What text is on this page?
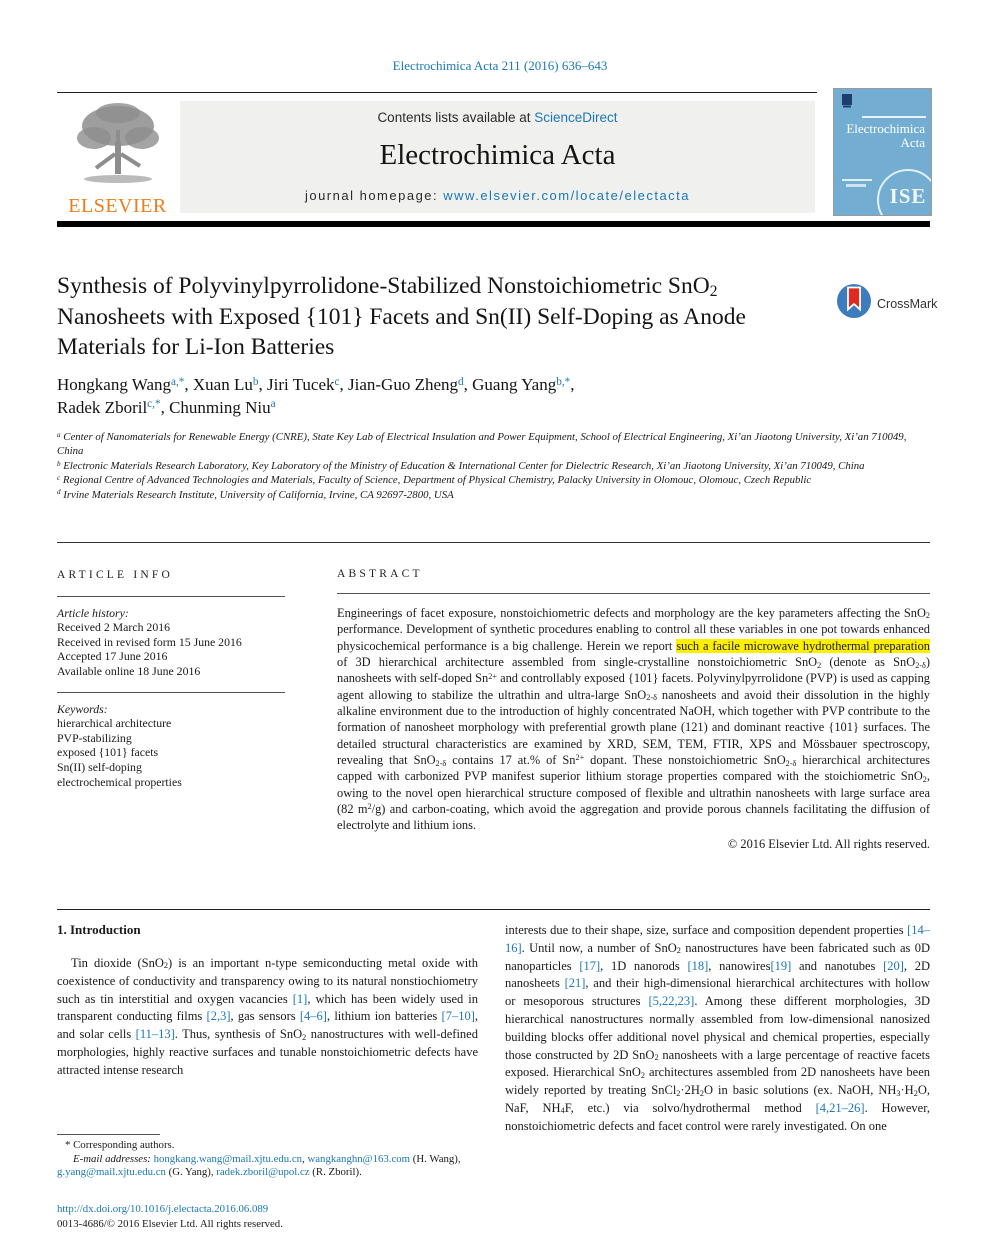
Electrochimica Acta 211 (2016) 636–643
ELSEVIER
Contents lists available at ScienceDirect
Electrochimica Acta
journal homepage: www.elsevier.com/locate/electacta
Electrochimica
Acta
ISE
Synthesis of Polyvinylpyrrolidone-Stabilized Nonstoichiometric SnO$_2$
Nanosheets with Exposed {101} Facets and Sn(II) Self-Doping as Anode
Materials for Li-Ion Batteries
CrossMark
Hongkang Wang$^{a,*}$, Xuan Lu$^b$, Jiri Tucek$^c$, Jian-Guo Zheng$^d$, Guang Yang$^{b,*}$,
Radek Zboril$^{c,*}$, Chunming Niu$^a$
$^a$ Center of Nanomaterials for Renewable Energy (CNRE), State Key Lab of Electrical Insulation and Power Equipment, School of Electrical Engineering, Xi’an Jiaotong University, Xi’an 710049, China
$^b$ Electronic Materials Research Laboratory, Key Laboratory of the Ministry of Education & International Center for Dielectric Research, Xi’an Jiaotong University, Xi’an 710049, China
$^c$ Regional Centre of Advanced Technologies and Materials, Faculty of Science, Department of Physical Chemistry, Palacky University in Olomouc, Olomouc, Czech Republic
$^d$ Irvine Materials Research Institute, University of California, Irvine, CA 92697-2800, USA
ARTICLE INFO
Article history:
Received 2 March 2016
Received in revised form 15 June 2016
Accepted 17 June 2016
Available online 18 June 2016
Keywords:
hierarchical architecture
PVP-stabilizing
exposed {101} facets
Sn(II) self-doping
electrochemical properties
ABSTRACT
Engineerings of facet exposure, nonstoichiometric defects and morphology are the key parameters affecting the SnO$_2$ performance. Development of synthetic procedures enabling to control all these variables in one pot towards enhanced physicochemical performance is a big challenge. Herein we report such a facile microwave hydrothermal preparation of 3D hierarchical architecture assembled from single-crystalline nonstoichiometric SnO$_2$ (denote as SnO$_{2-\delta}$) nanosheets with self-doped $Sn^{2+}$ and controllably exposed {101} facets. Polyvinylpyrrolidone (PVP) is used as capping agent allowing to stabilize the ultrathin and ultra-large SnO$_{2-\delta}$ nanosheets and avoid their dissolution in the highly alkaline environment due to the introduction of highly concentrated NaOH, which together with PVP contribute to the formation of nanosheet morphology with preferential growth plane (121) and dominant reactive {101} surfaces. The detailed structural characteristics are examined by XRD, SEM, TEM, FTIR, XPS and Mössbauer spectroscopy, revealing that SnO$_{2-\delta}$ contains 17 at.% of $Sn^{2+}$ dopant. These nonstoichiometric SnO$_{2-\delta}$ hierarchical architectures capped with carbonized PVP manifest superior lithium storage properties compared with the stoichiometric SnO$_2$, owing to the novel open hierarchical structure composed of flexible and ultrathin nanosheets with large surface area (82 $m^2/g$) and carbon-coating, which avoid the aggregation and provide porous channels facilitating the diffusion of electrolyte and lithium ions.
© 2016 Elsevier Ltd. All rights reserved.
1. Introduction
Tin dioxide (SnO$_2$) is an important n-type semiconducting metal oxide with coexistence of conductivity and transparency owing to its natural nonstiochiometry such as tin interstitial and oxygen vacancies [1], which has been widely used in transparent conducting films [2,3], gas sensors [4–6], lithium ion batteries [7–10], and solar cells [11–13]. Thus, synthesis of SnO$_2$ nanostructures with well-defined morphologies, highly reactive surfaces and tunable nonstoichiometric defects have attracted intense research
interests due to their shape, size, surface and composition dependent properties [14–16]. Until now, a number of SnO$_2$ nanostructures have been fabricated such as 0D nanoparticles [17], 1D nanorods [18], nanowires[19] and nanotubes [20], 2D nanosheets [21], and their high-dimensional hierarchical architectures with hollow or mesoporous structures [5,22,23]. Among these different morphologies, 3D hierarchical nanostructures normally assembled from low-dimensional nanosized building blocks offer additional novel physical and chemical properties, especially those constructed by 2D SnO$_2$ nanosheets with a large percentage of reactive facets exposed. Hierarchical SnO$_2$ architectures assembled from 2D nanosheets have been widely reported by treating $SnCl_2\cdot 2H_2O$ in basic solutions (ex. NaOH, $NH_3\cdot H_2O$, NaF, $NH_4F$, etc.) via solvo/hydrothermal method [4,21–26]. However, nonstoichiometric defects and facet control were rarely investigated. On one
* Corresponding authors.
E-mail addresses: hongkang.wang@mail.xjtu.edu.cn, wangkanghn@163.com (H. Wang), g.yang@mail.xjtu.edu.cn (G. Yang), radek.zboril@upol.cz (R. Zboril).
http://dx.doi.org/10.1016/j.electacta.2016.06.089
0013-4686/© 2016 Elsevier Ltd. All rights reserved.
